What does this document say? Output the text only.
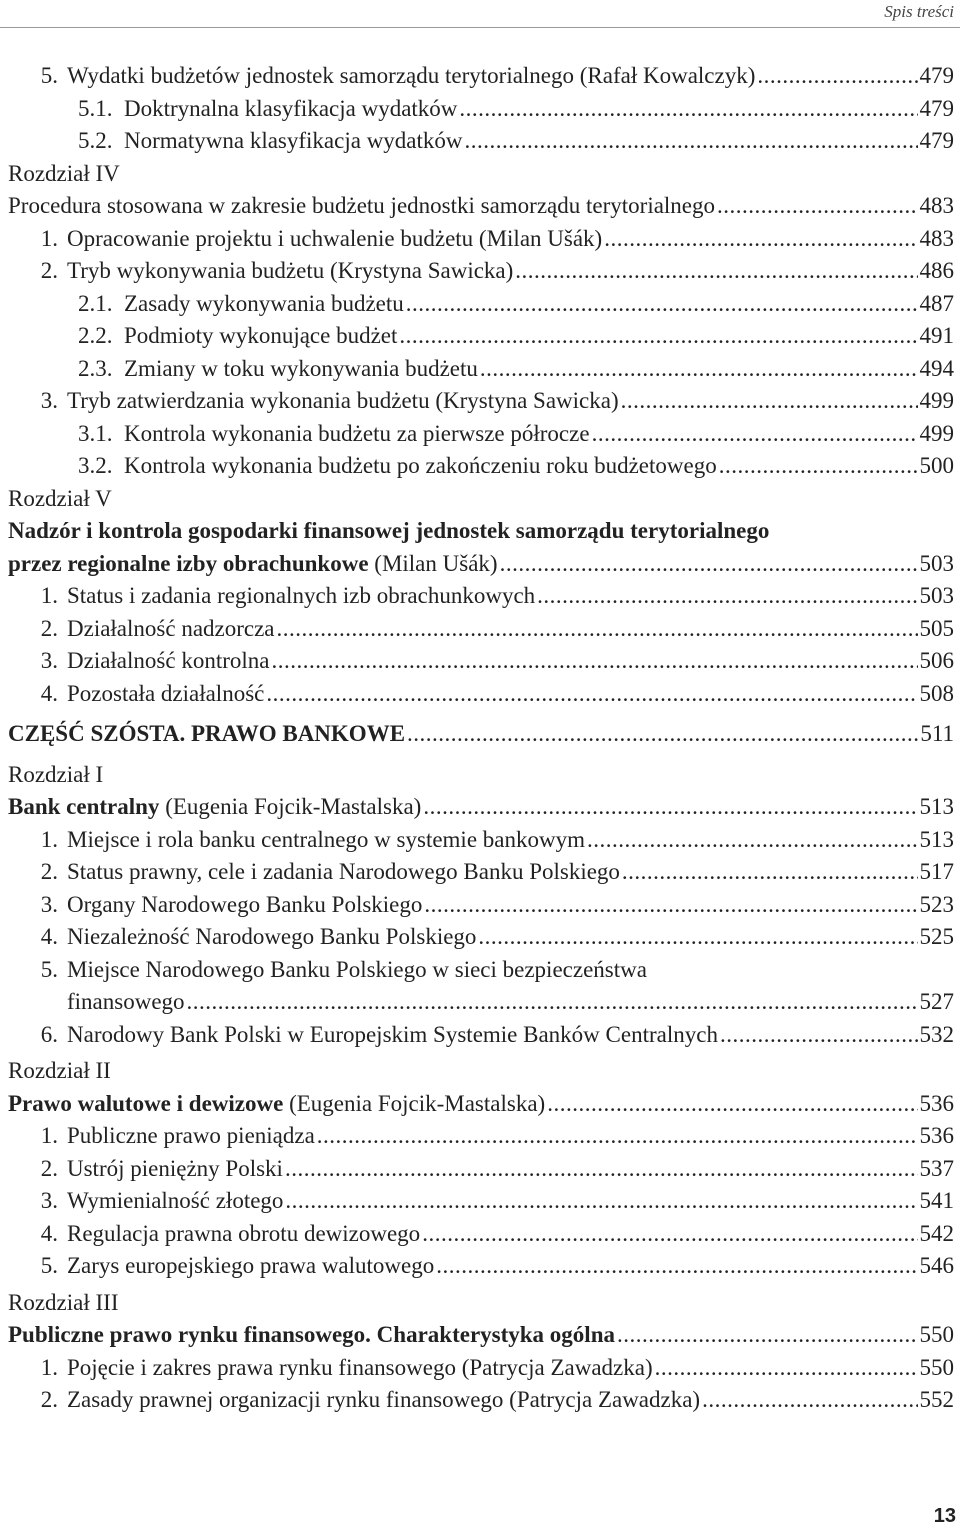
Spis treści
5. Wydatki budżetów jednostek samorządu terytorialnego (Rafał Kowalczyk) .....	479
5.1. Doktrynalna klasyfikacja wydatków .....	479
5.2. Normatywna klasyfikacja wydatków .....	479
Rozdział IV
Procedura stosowana w zakresie budżetu jednostki samorządu terytorialnego .....	483
1. Opracowanie projektu i uchwalenie budżetu (Milan Ušák) .....	483
2. Tryb wykonywania budżetu (Krystyna Sawicka) .....	486
2.1. Zasady wykonywania budżetu .....	487
2.2. Podmioty wykonujące budżet .....	491
2.3. Zmiany w toku wykonywania budżetu .....	494
3. Tryb zatwierdzania wykonania budżetu (Krystyna Sawicka) .....	499
3.1. Kontrola wykonania budżetu za pierwsze półrocze .....	499
3.2. Kontrola wykonania budżetu po zakończeniu roku budżetowego .....	500
Rozdział V
Nadzór i kontrola gospodarki finansowej jednostek samorządu terytorialnego
przez regionalne izby obrachunkowe (Milan Ušák) .....	503
1. Status i zadania regionalnych izb obrachunkowych .....	503
2. Działalność nadzorcza .....	505
3. Działalność kontrolna .....	506
4. Pozostała działalność .....	508
CZĘŚĆ SZÓSTA. PRAWO BANKOWE .....	511
Rozdział I
Bank centralny (Eugenia Fojcik-Mastalska) .....	513
1. Miejsce i rola banku centralnego w systemie bankowym .....	513
2. Status prawny, cele i zadania Narodowego Banku Polskiego .....	517
3. Organy Narodowego Banku Polskiego .....	523
4. Niezależność Narodowego Banku Polskiego .....	525
5. Miejsce Narodowego Banku Polskiego w sieci bezpieczeństwa
finansowego .....	527
6. Narodowy Bank Polski w Europejskim Systemie Banków Centralnych .....	532
Rozdział II
Prawo walutowe i dewizowe (Eugenia Fojcik-Mastalska) .....	536
1. Publiczne prawo pieniądza .....	536
2. Ustrój pieniężny Polski .....	537
3. Wymienialność złotego .....	541
4. Regulacja prawna obrotu dewizowego .....	542
5. Zarys europejskiego prawa walutowego .....	546
Rozdział III
Publiczne prawo rynku finansowego. Charakterystyka ogólna .....	550
1. Pojęcie i zakres prawa rynku finansowego (Patrycja Zawadzka) .....	550
2. Zasady prawnej organizacji rynku finansowego (Patrycja Zawadzka) .....	552
13
